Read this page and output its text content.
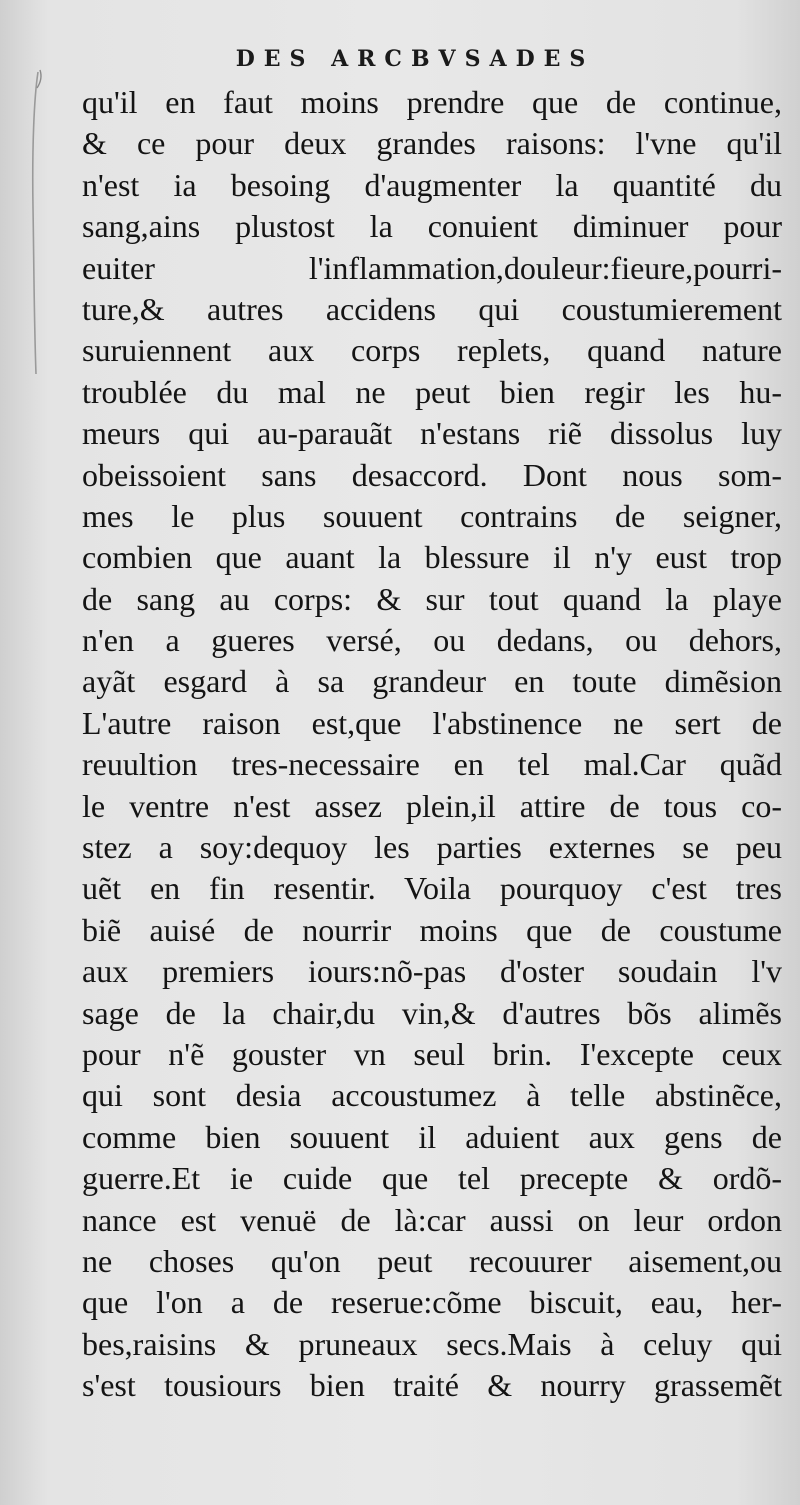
DES ARCBVSADES
qu'il en faut moins prendre que de continue,
& ce pour deux grandes raisons: l'vne qu'il
n'est ia besoing d'augmenter la quantité du
sang,ains plustost la conuient diminuer pour
euiter l'inflammation,douleur:fieure,pourri-
ture,& autres accidens qui coustumierement
suruiennent aux corps replets, quand nature
troublée du mal ne peut bien regir les hu-
meurs qui au-parauãt n'estans riẽ dissolus luy
obeissoient sans desaccord. Dont nous som-
mes le plus souuent contrains de seigner,
combien que auant la blessure il n'y eust trop
de sang au corps: & sur tout quand la playe
n'en a gueres versé, ou dedans, ou dehors,
ayãt esgard à sa grandeur en toute dimẽsion
L'autre raison est,que l'abstinence ne sert de
reuultion tres-necessaire en tel mal.Car quãd
le ventre n'est assez plein,il attire de tous co-
stez a soy:dequoy les parties externes se peu
uẽt en fin resentir. Voila pourquoy c'est tres
biẽ auisé de nourrir moins que de coustume
aux premiers iours:nõ-pas d'oster soudain l'v
sage de la chair,du vin,& d'autres bõs alimẽs
pour n'ẽ gouster vn seul brin. I'excepte ceux
qui sont desia accoustumez à telle abstinẽce,
comme bien souuent il aduient aux gens de
guerre.Et ie cuide que tel precepte & ordõ-
nance est venuë de là:car aussi on leur ordon
ne choses qu'on peut recouurer aisement,ou
que l'on a de reserue:cõme biscuit, eau, her-
bes,raisins & pruneaux secs.Mais à celuy qui
s'est tousiours bien traité & nourry grassemẽt
